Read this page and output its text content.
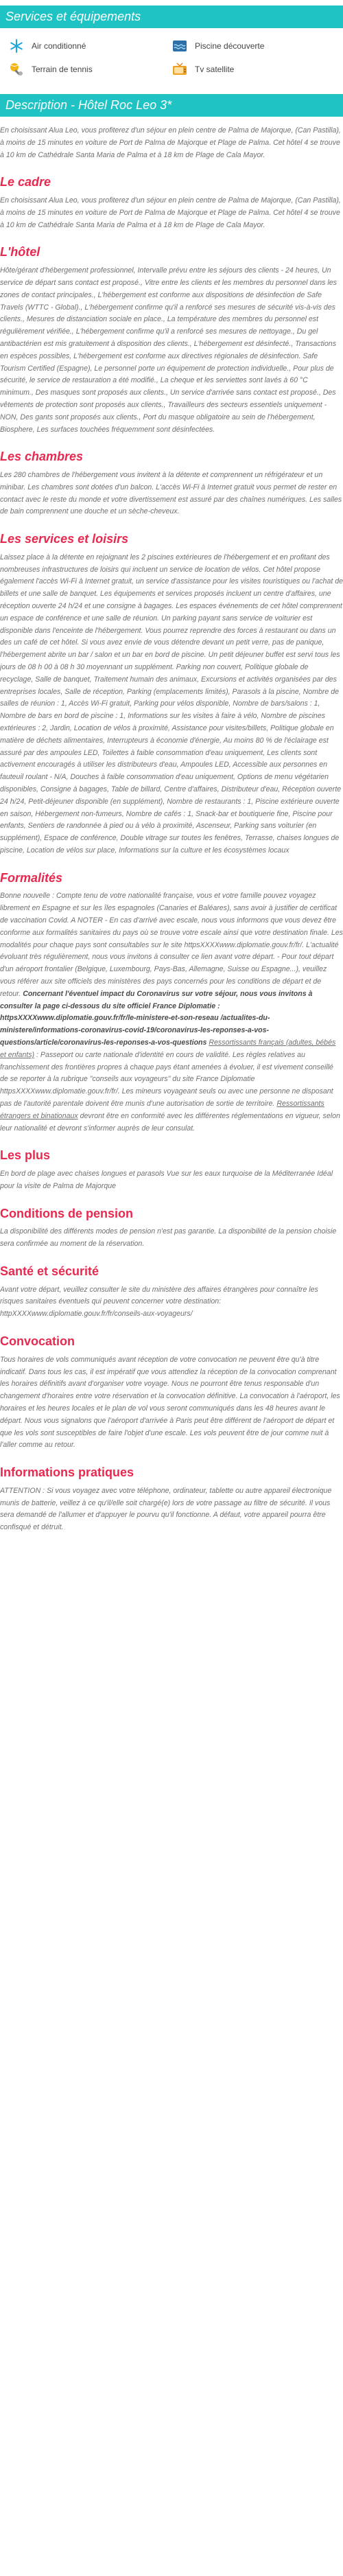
Services et équipements
Air conditionné	Piscine découverte
Terrain de tennis	Tv satellite
Description - Hôtel Roc Leo 3*

En choisissant Alua Leo, vous profiterez d'un séjour en plein centre de Palma de Majorque, (Can Pastilla), à moins de 15 minutes en voiture de Port de Palma de Majorque et Plage de Palma. Cet hôtel 4 se trouve à 10 km de Cathédrale Santa Maria de Palma et à 18 km de Plage de Cala Mayor.

Le cadre

En choisissant Alua Leo, vous profiterez d'un séjour en plein centre de Palma de Majorque, (Can Pastilla), à moins de 15 minutes en voiture de Port de Palma de Majorque et Plage de Palma. Cet hôtel 4 se trouve à 10 km de Cathédrale Santa Maria de Palma et à 18 km de Plage de Cala Mayor.

L'hôtel

Hôte/gérant d'hébergement professionnel, Intervalle prévu entre les séjours des clients - 24 heures, Un service de départ sans contact est proposé., Vitre entre les clients et les membres du personnel dans les zones de contact principales., L'hébergement est conforme aux dispositions de désinfection de Safe Travels (WTTC - Global)., L'hébergement confirme qu'il a renforcé ses mesures de sécurité vis-à-vis des clients., Mesures de distanciation sociale en place., La température des membres du personnel est régulièrement vérifiée., L'hébergement confirme qu'il a renforcé ses mesures de nettoyage., Du gel antibactérien est mis gratuitement à disposition des clients., L'hébergement est désinfecté., Transactions en espèces possibles, L'hébergement est conforme aux directives régionales de désinfection. Safe Tourism Certified (Espagne), Le personnel porte un équipement de protection individuelle., Pour plus de sécurité, le service de restauration a été modifié., La cheque et les serviettes sont lavés à 60 °C minimum., Des masques sont proposés aux clients., Un service d'arrivée sans contact est proposé., Des vêtements de protection sont proposés aux clients., Travailleurs des secteurs essentiels uniquement - NON, Des gants sont proposés aux clients., Port du masque obligatoire au sein de l'hébergement, Biosphere, Les surfaces touchées fréquemment sont désinfectées.

Les chambres

Les 280 chambres de l'hébergement vous invitent à la détente et comprennent un réfrigérateur et un minibar. Les chambres sont dotées d'un balcon. L'accès Wi-Fi à Internet gratuit vous permet de rester en contact avec le reste du monde et votre divertissement est assuré par des chaînes numériques. Les salles de bain comprennent une douche et un sèche-cheveux.

Les services et loisirs

Laissez place à la détente en rejoignant les 2 piscines extérieures de l'hébergement et en profitant des nombreuses infrastructures de loisirs qui incluent un service de location de vélos. Cet hôtel propose également l'accès Wi-Fi à Internet gratuit, un service d'assistance pour les visites touristiques ou l'achat de billets et une salle de banquet. Les équipements et services proposés incluent un centre d'affaires, une réception ouverte 24 h/24 et une consigne à bagages. Les espaces événements de cet hôtel comprennent un espace de conférence et une salle de réunion. Un parking payant sans service de voiturier est disponible dans l'enceinte de l'hébergement. Vous pourrez reprendre des forces à restaurant ou dans un des un café de cet hôtel. Si vous avez envie de vous détendre devant un petit verre, pas de panique, l'hébergement abrite un bar / salon et un bar en bord de piscine. Un petit déjeuner buffet est servi tous les jours de 08 h 00 à 08 h 30 moyennant un supplément. Parking non couvert, Politique globale de recyclage, Salle de banquet, Traitement humain des animaux, Excursions et activités organisées par des entreprises locales, Salle de réception, Parking (emplacements limités), Parasols à la piscine, Nombre de salles de réunion : 1, Accès Wi-Fi gratuit, Parking pour vélos disponible, Nombre de bars/salons : 1, Nombre de bars en bord de piscine : 1, Informations sur les visites à faire à vélo, Nombre de piscines extérieures : 2, Jardin, Location de vélos à proximité, Assistance pour visites/billets, Politique globale en matière de déchets alimentaires, Interrupteurs à économie d'énergie, Au moins 80 % de l'éclairage est assuré par des ampoules LED, Toilettes à faible consommation d'eau uniquement, Les clients sont activement encouragés à utiliser les distributeurs d'eau, Ampoules LED, Accessible aux personnes en fauteuil roulant - N/A, Douches à faible consommation d'eau uniquement, Options de menu végétarien disponibles, Consigne à bagages, Table de billard, Centre d'affaires, Distributeur d'eau, Réception ouverte 24 h/24, Petit-déjeuner disponible (en supplément), Nombre de restaurants : 1, Piscine extérieure ouverte en saison, Hébergement non-fumeurs, Nombre de cafés : 1, Snack-bar et boutiquerie fine, Piscine pour enfants, Sentiers de randonnée à pied ou à vélo à proximité, Ascenseur, Parking sans voiturier (en supplément), Espace de conférence, Double vitrage sur toutes les fenêtres, Terrasse, chaises longues de piscine, Location de vélos sur place, Informations sur la culture et les écosystèmes locaux

Formalités

Bonne nouvelle : Compte tenu de votre nationalité française, vous et votre famille pouvez voyagez librement en Espagne et sur les îles espagnoles (Canaries et Baléares), sans avoir à justifier de certificat de vaccination Covid. A NOTER - En cas d'arrivé avec escale, nous vous informons que vous devez être conforme aux formalités sanitaires du pays où se trouve votre escale ainsi que votre destination finale. Les modalités pour chaque pays sont consultables sur le site httpsXXXXwww.diplomatie.gouv.fr/fr/. L'actualité évoluant très régulièrement, nous vous invitons à consulter ce lien avant votre départ. - Pour tout départ d'un aéroport frontalier (Belgique, Luxembourg, Pays-Bas, Allemagne, Suisse ou Espagne...), veuillez vous référer aux site officiels des ministères des pays concernés pour les conditions de départ et de retour. Concernant l'éventuel impact du Coronavirus sur votre séjour, nous vous invitons à consulter la page ci-dessous du site officiel France Diplomatie : httpsXXXXwww.diplomatie.gouv.fr/fr/le-ministere-et-son-reseau /actualites-du-ministere/informations-coronavirus-covid-19/coronavirus-les-reponses-a-vos-questions/article/coronavirus-les-reponses-a-vos-questions Ressortissants français (adultes, bébés et enfants) : Passeport ou carte nationale d'identité en cours de validité. Les règles relatives au franchissement des frontières propres à chaque pays étant amenées à évoluer, il est vivement conseillé de se reporter à la rubrique "conseils aux voyageurs" du site France Diplomatie httpsXXXXwww.diplomatie.gouv.fr/fr/. Les mineurs voyageant seuls ou avec une personne ne disposant pas de l'autorité parentale doivent être munis d'une autorisation de sortie de territoire. Ressortissants étrangers et binationaux devront être en conformité avec les différentes réglementations en vigueur, selon leur nationalité et devront s'informer auprès de leur consulat.

Les plus

En bord de plage avec chaises longues et parasols Vue sur les eaux turquoise de la Méditerranée Idéal pour la visite de Palma de Majorque

Conditions de pension

La disponibilité des différents modes de pension n'est pas garantie. La disponibilité de la pension choisie sera confirmée au moment de la réservation.

Santé et sécurité

Avant votre départ, veuillez consulter le site du ministère des affaires étrangères pour connaître les risques sanitaires éventuels qui peuvent concerner votre destination: httpXXXXwww.diplomatie.gouv.fr/fr/conseils-aux-voyageurs/

Convocation

Tous horaires de vols communiqués avant réception de votre convocation ne peuvent être qu'à titre indicatif. Dans tous les cas, il est impératif que vous attendiez la réception de la convocation comprenant les horaires définitifs avant d'organiser votre voyage. Nous ne pourront être tenus responsable d'un changement d'horaires entre votre réservation et la convocation définitive. La convocation à l'aéroport, les horaires et les heures locales et le plan de vol vous seront communiqués dans les 48 heures avant le départ. Nous vous signalons que l'aéroport d'arrivée à Paris peut être différent de l'aéroport de départ et que les vols sont susceptibles de faire l'objet d'une escale. Les vols peuvent être de jour comme nuit à l'aller comme au retour.

Informations pratiques

ATTENTION : Si vous voyagez avec votre téléphone, ordinateur, tablette ou autre appareil électronique munis de batterie, veillez à ce qu'il/elle soit chargé(e) lors de votre passage au filtre de sécurité. Il vous sera demandé de l'allumer et d'appuyer le pourvu qu'il fonctionne. A défaut, votre appareil pourra être confisqué et détruit.
